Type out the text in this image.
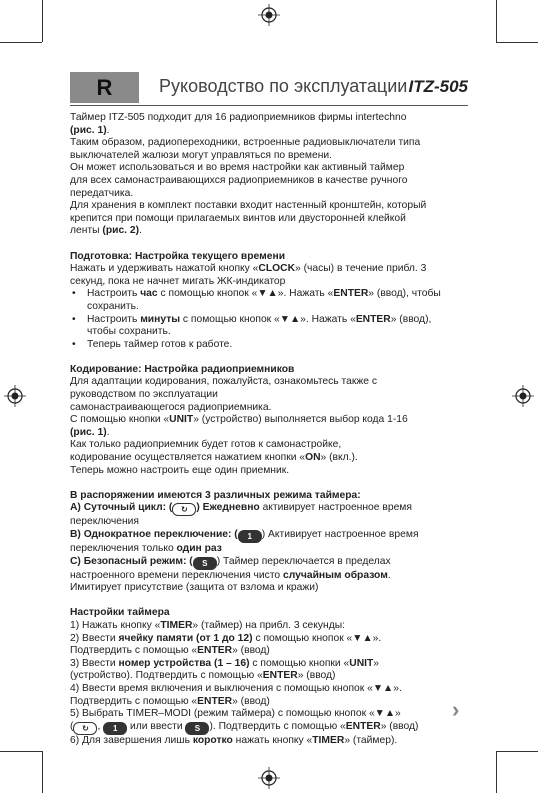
R	Руководство по эксплуатации ITZ-505

Таймер ITZ-505 подходит для 16 радиоприемников фирмы intertechno

(рис. 1).

Таким образом, радиопереходники, встроенные радиовыключатели типа

выключателей жалюзи могут управляться по времени.

Он может использоваться и во время настройки как активный таймер

для всех самонастраивающихся радиоприемников в качестве ручного

передатчика.

Для хранения в комплект поставки входит настенный кронштейн, который

крепится при помощи прилагаемых винтов или двусторонней клейкой

ленты (рис. 2).

Подготовка: Настройка текущего времени

Нажать и удерживать нажатой кнопку «CLOCK» (часы) в течение прибл. 3

секунд, пока не начнет мигать ЖК-индикатор

• Настроить час с помощью кнопок «▼▲». Нажать «ENTER» (ввод), чтобы
сохранить.
• Настроить минуты с помощью кнопок «▼▲». Нажать «ENTER» (ввод),
чтобы сохранить.
• Теперь таймер готов к работе.

Кодирование: Настройка радиоприемников

Для адаптации кодирования, пожалуйста, ознакомьтесь также с

руководством по эксплуатации

самонастраивающегося радиоприемника.

С помощью кнопки «UNIT» (устройство) выполняется выбор кода 1-16

(рис. 1).

Как только радиоприемник будет готов к самонастройке,

кодирование осуществляется нажатием кнопки «ON» (вкл.).

Теперь можно настроить еще один приемник.

В распоряжении имеются 3 различных режима таймера:

А) Суточный цикл: ( ↻ ) Ежедневно активирует настроенное время
переключения

В) Однократное переключение: ( 1 ) Активирует настроенное время
переключения только один раз

С) Безопасный режим: ( S ) Таймер переключается в пределах
настроенного времени переключения чисто случайным образом.

Имитирует присутствие (защита от взлома и кражи)

Настройки таймера

1) Нажать кнопку «TIMER» (таймер) на прибл. 3 секунды:

2) Ввести ячейку памяти (от 1 до 12) с помощью кнопок «▼▲».

Подтвердить с помощью «ENTER» (ввод)

3) Ввести номер устройства (1 – 16) с помощью кнопки «UNIT»

(устройство). Подтвердить с помощью «ENTER» (ввод)

4) Ввести время включения и выключения с помощью кнопок «▼▲».

Подтвердить с помощью «ENTER» (ввод)

5) Выбрать TIMER–MODI (режим таймера) с помощью кнопок «▼▲»

( ↻ , 1 или ввести S ). Подтвердить с помощью «ENTER» (ввод)

6) Для завершения лишь коротко нажать кнопку «TIMER» (таймер).

›
